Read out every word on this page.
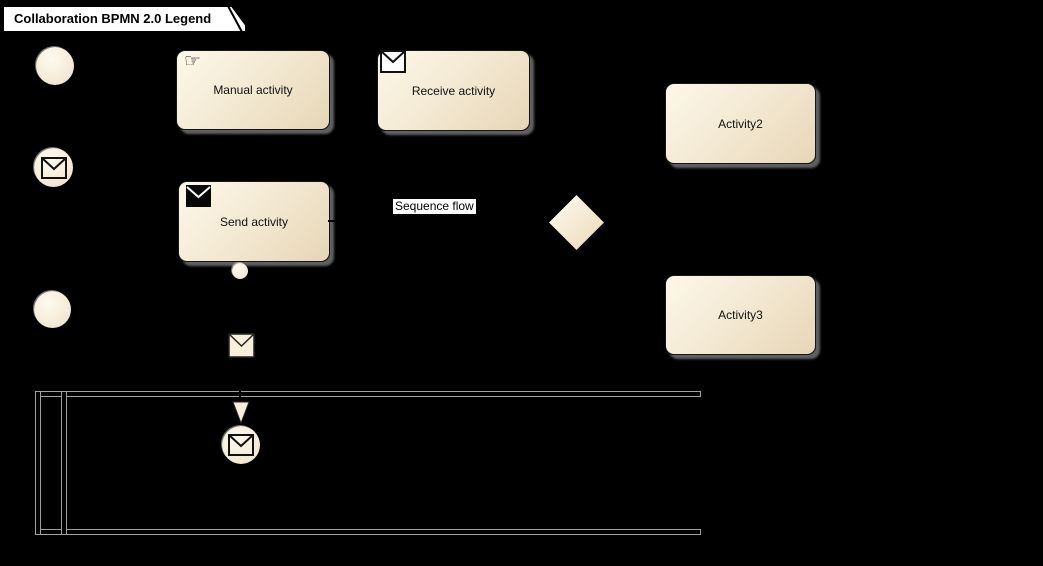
Collaboration BPMN 2.0 Legend
☞
Manual activity	Receive activity
Activity2
Send activity
Sequence flow
Activity3
